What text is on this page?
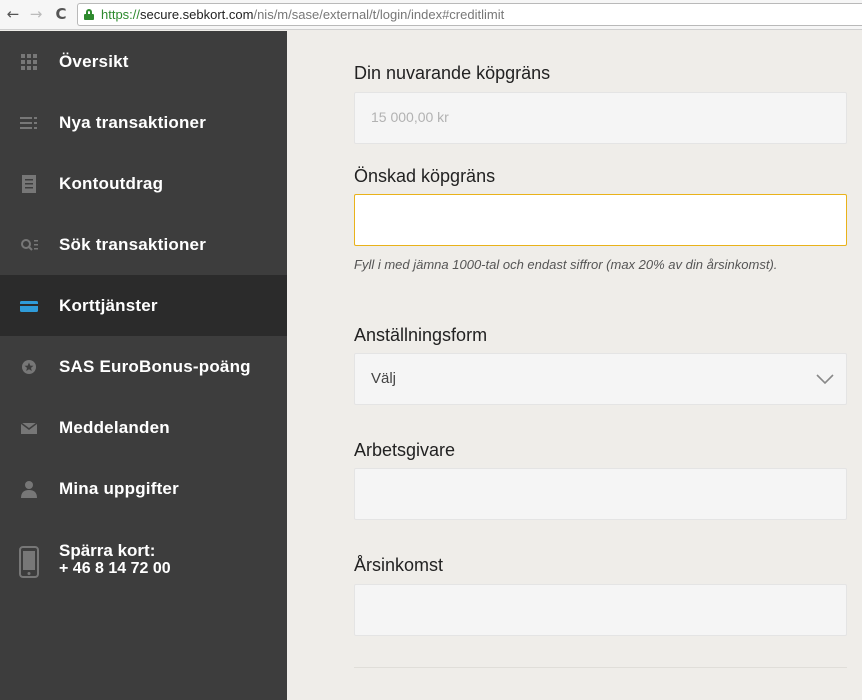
← → C	https://secure.sebkort.com/nis/m/sase/external/t/login/index#creditlimit
Översikt
Nya transaktioner
Kontoutdrag
Sök transaktioner
Korttjänster
SAS EuroBonus-poäng
Meddelanden
Mina uppgifter
Spärra kort:
+ 46 8 14 72 00
Din nuvarande köpgräns
15 000,00 kr
Önskad köpgräns
Fyll i med jämna 1000-tal och endast siffror (max 20% av din årsinkomst).
Anställningsform
Välj
Arbetsgivare
Årsinkomst
